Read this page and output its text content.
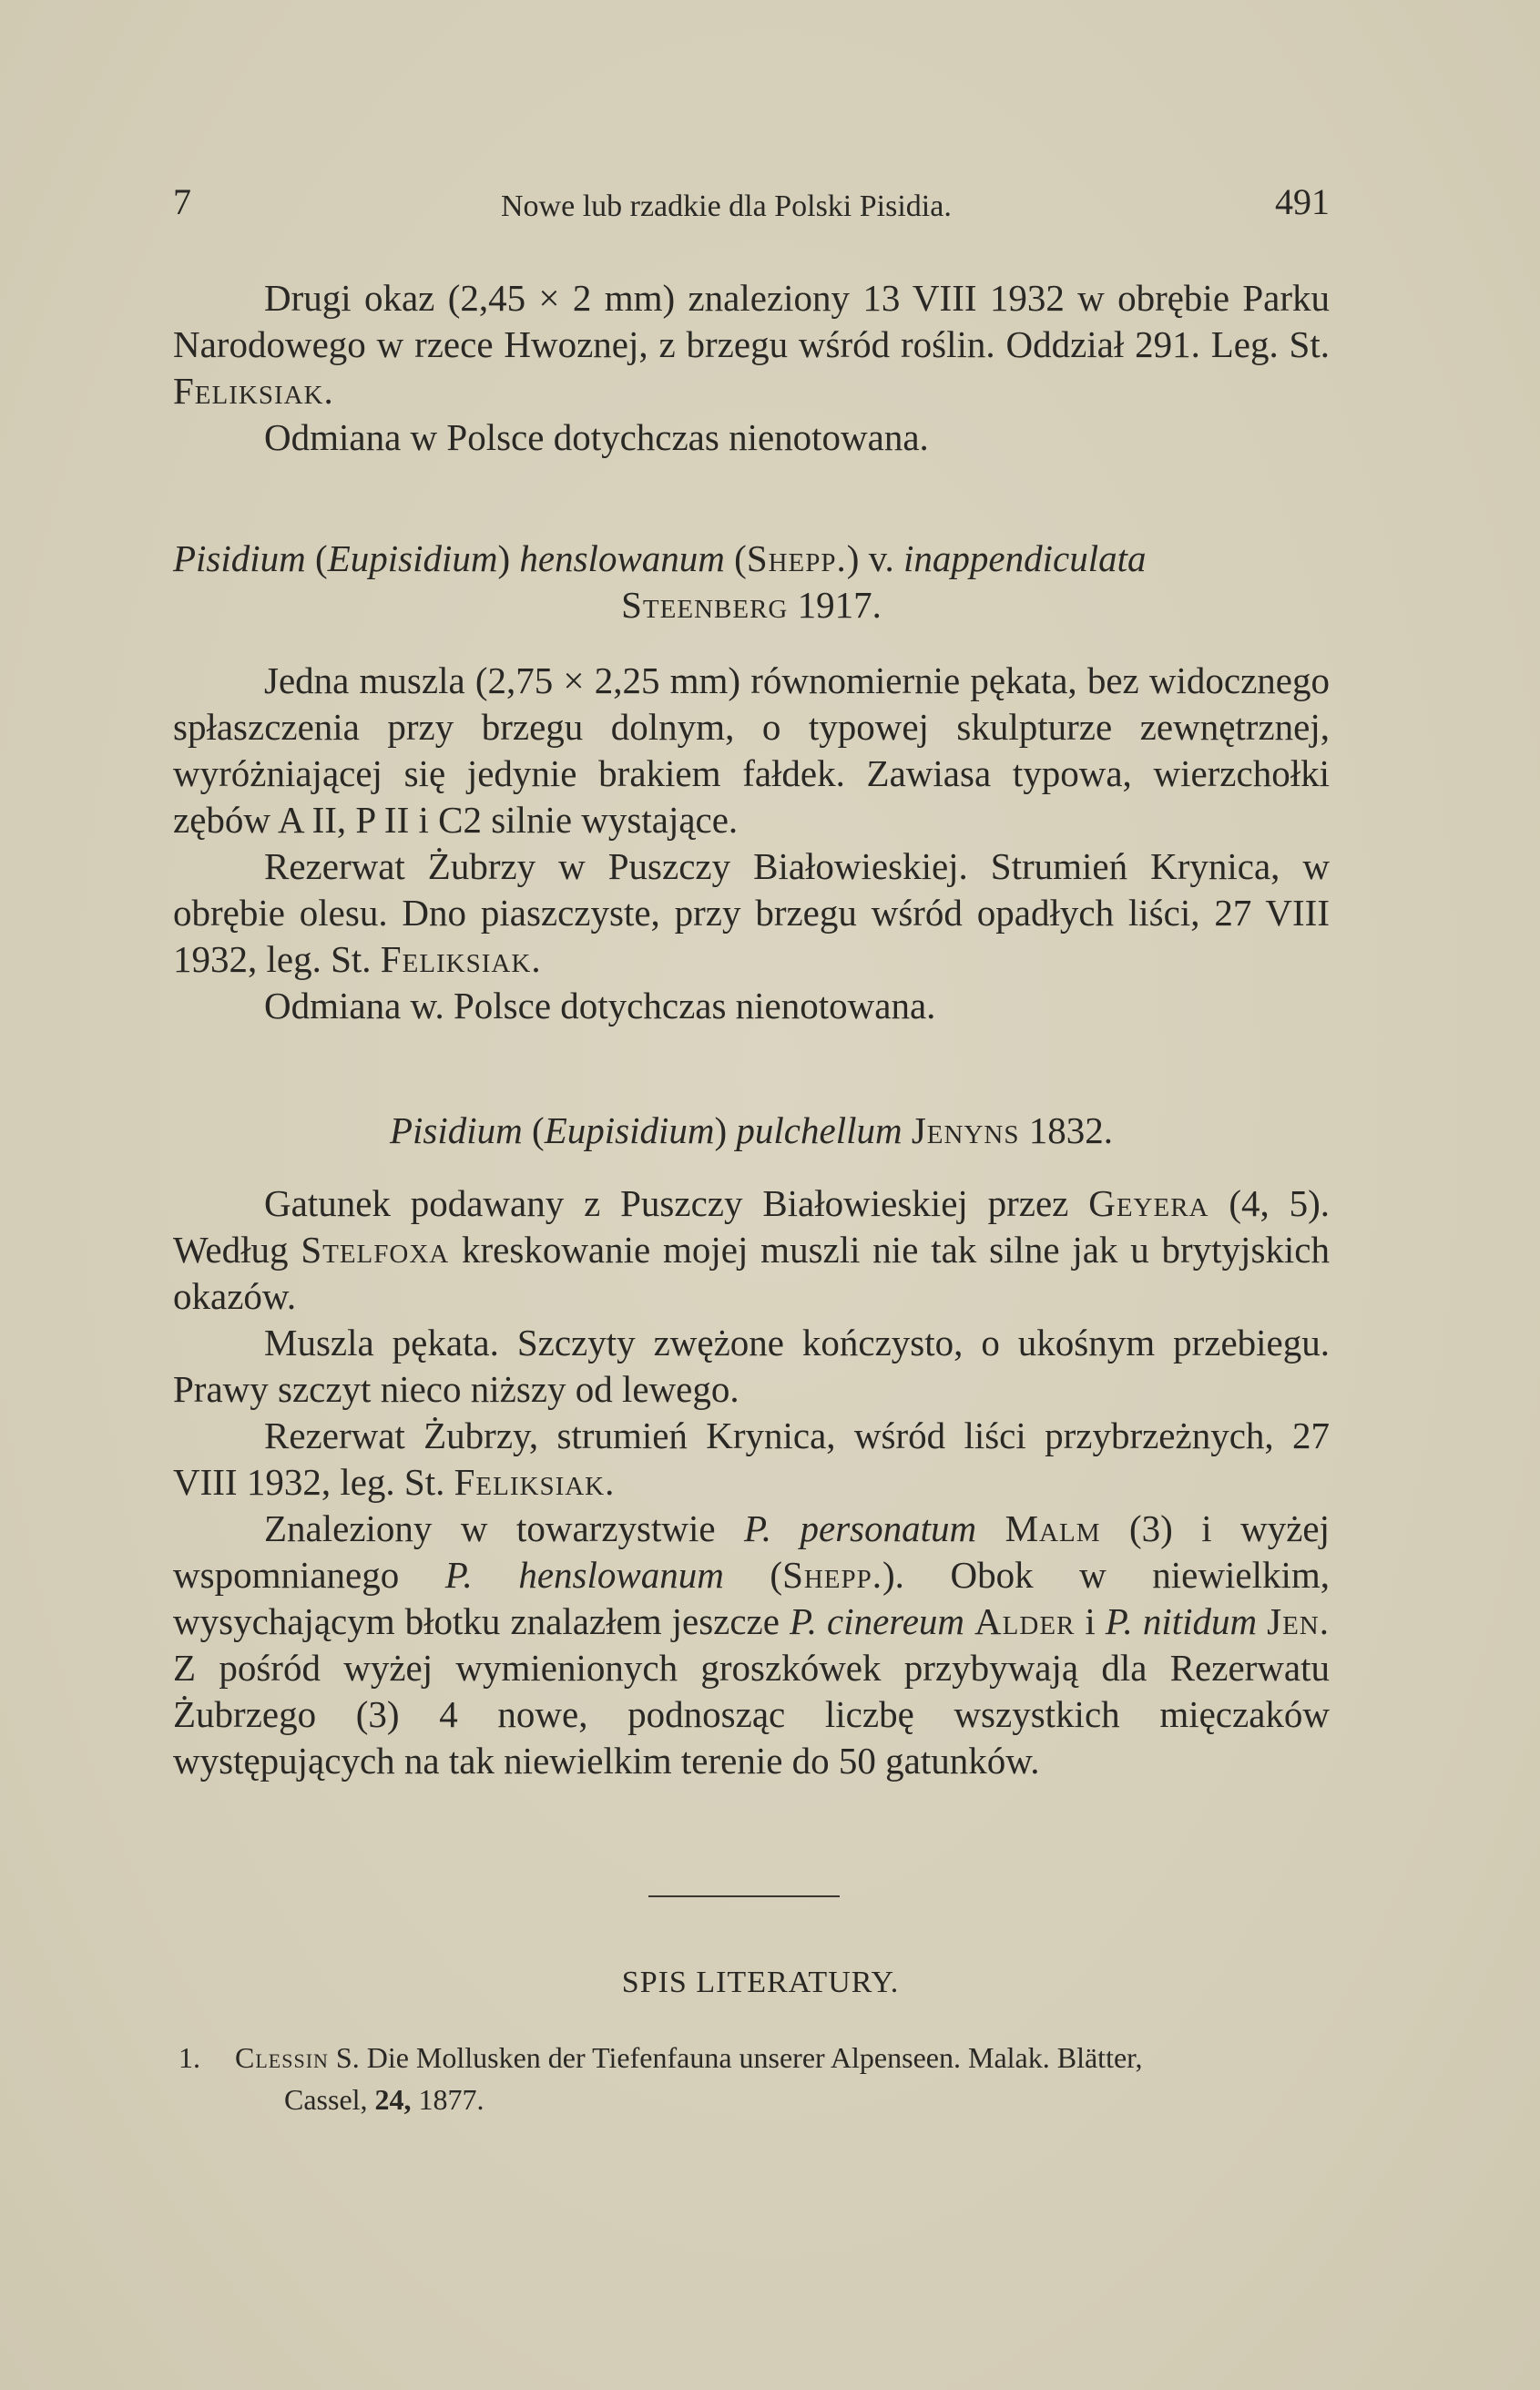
7	Nowe lub rzadkie dla Polski Pisidia.	491

Drugi okaz (2,45 × 2 mm) znaleziony 13 VIII 1932 w obrębie Parku Narodowego w rzece Hwoznej, z brzegu wśród roślin. Oddział 291. Leg. St. Feliksiak.

Odmiana w Polsce dotychczas nienotowana.

Pisidium (Eupisidium) henslowanum (Shepp.) v. inappendiculata

Steenberg 1917.

Jedna muszla (2,75 × 2,25 mm) równomiernie pękata, bez widocznego spłaszczenia przy brzegu dolnym, o typowej skulpturze zewnętrznej, wyróżniającej się jedynie brakiem fałdek. Zawiasa typowa, wierzchołki zębów A II, P II i C2 silnie wystające.

Rezerwat Żubrzy w Puszczy Białowieskiej. Strumień Krynica, w obrębie olesu. Dno piaszczyste, przy brzegu wśród opadłych liści, 27 VIII 1932, leg. St. Feliksiak.

Odmiana w. Polsce dotychczas nienotowana.

Pisidium (Eupisidium) pulchellum Jenyns 1832.

Gatunek podawany z Puszczy Białowieskiej przez Geyera (4, 5). Według Stelfoxa kreskowanie mojej muszli nie tak silne jak u brytyjskich okazów.

Muszla pękata. Szczyty zwężone kończysto, o ukośnym przebiegu. Prawy szczyt nieco niższy od lewego.

Rezerwat Żubrzy, strumień Krynica, wśród liści przybrzeżnych, 27 VIII 1932, leg. St. Feliksiak.

Znaleziony w towarzystwie P. personatum Malm (3) i wyżej wspomnianego P. henslowanum (Shepp.). Obok w niewielkim, wysychającym błotku znalazłem jeszcze P. cinereum Alder i P. nitidum Jen. Z pośród wyżej wymienionych groszkówek przybywają dla Rezerwatu Żubrzego (3) 4 nowe, podnosząc liczbę wszystkich mięczaków występujących na tak niewielkim terenie do 50 gatunków.

SPIS LITERATURY.
1. Clessin S. Die Mollusken der Tiefenfauna unserer Alpenseen. Malak. Blätter,
Cassel, 24, 1877.
